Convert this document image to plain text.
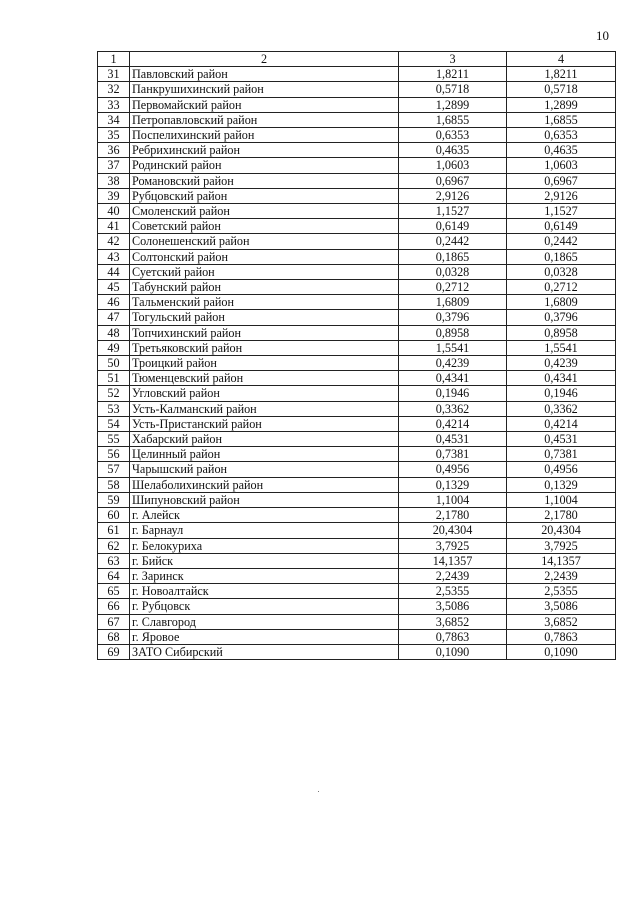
10
1	2	3	4
31	Павловский район	1,8211	1,8211
32	Панкрушихинский район	0,5718	0,5718
33	Первомайский район	1,2899	1,2899
34	Петропавловский район	1,6855	1,6855
35	Поспелихинский район	0,6353	0,6353
36	Ребрихинский район	0,4635	0,4635
37	Родинский район	1,0603	1,0603
38	Романовский район	0,6967	0,6967
39	Рубцовский район	2,9126	2,9126
40	Смоленский район	1,1527	1,1527
41	Советский район	0,6149	0,6149
42	Солонешенский район	0,2442	0,2442
43	Солтонский район	0,1865	0,1865
44	Суетский район	0,0328	0,0328
45	Табунский район	0,2712	0,2712
46	Тальменский район	1,6809	1,6809
47	Тогульский район	0,3796	0,3796
48	Топчихинский район	0,8958	0,8958
49	Третьяковский район	1,5541	1,5541
50	Троицкий район	0,4239	0,4239
51	Тюменцевский район	0,4341	0,4341
52	Угловский район	0,1946	0,1946
53	Усть-Калманский район	0,3362	0,3362
54	Усть-Пристанский район	0,4214	0,4214
55	Хабарский район	0,4531	0,4531
56	Целинный район	0,7381	0,7381
57	Чарышский район	0,4956	0,4956
58	Шелаболихинский район	0,1329	0,1329
59	Шипуновский район	1,1004	1,1004
60	г. Алейск	2,1780	2,1780
61	г. Барнаул	20,4304	20,4304
62	г. Белокуриха	3,7925	3,7925
63	г. Бийск	14,1357	14,1357
64	г. Заринск	2,2439	2,2439
65	г. Новоалтайск	2,5355	2,5355
66	г. Рубцовск	3,5086	3,5086
67	г. Славгород	3,6852	3,6852
68	г. Яровое	0,7863	0,7863
69	ЗАТО Сибирский	0,1090	0,1090
